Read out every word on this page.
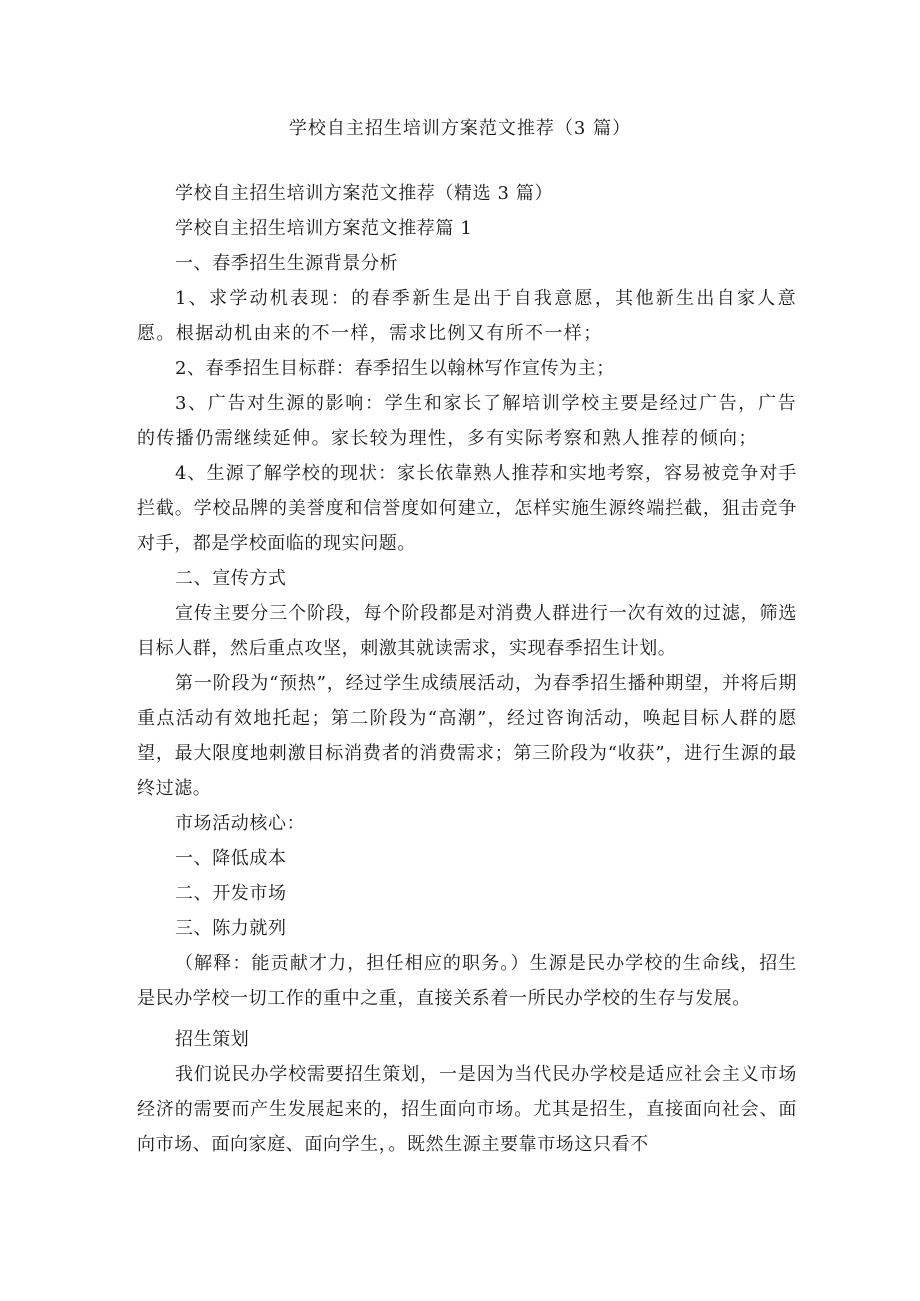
学校自主招生培训方案范文推荐（3 篇）

学校自主招生培训方案范文推荐（精选 3 篇）

学校自主招生培训方案范文推荐篇 1

一、春季招生生源背景分析

1、求学动机表现：的春季新生是出于自我意愿，其他新生出自家人意愿。根据动机由来的不一样，需求比例又有所不一样；

2、春季招生目标群：春季招生以翰林写作宣传为主；

3、广告对生源的影响：学生和家长了解培训学校主要是经过广告，广告的传播仍需继续延伸。家长较为理性，多有实际考察和熟人推荐的倾向；

4、生源了解学校的现状：家长依靠熟人推荐和实地考察，容易被竞争对手拦截。学校品牌的美誉度和信誉度如何建立，怎样实施生源终端拦截，狙击竞争对手，都是学校面临的现实问题。

二、宣传方式

宣传主要分三个阶段，每个阶段都是对消费人群进行一次有效的过滤，筛选目标人群，然后重点攻坚，刺激其就读需求，实现春季招生计划。

第一阶段为“预热”，经过学生成绩展活动，为春季招生播种期望，并将后期重点活动有效地托起；第二阶段为“高潮”，经过咨询活动，唤起目标人群的愿望，最大限度地刺激目标消费者的消费需求；第三阶段为“收获”，进行生源的最终过滤。

市场活动核心：

一、降低成本

二、开发市场

三、陈力就列

（解释：能贡献才力，担任相应的职务。）生源是民办学校的生命线，招生是民办学校一切工作的重中之重，直接关系着一所民办学校的生存与发展。

招生策划

我们说民办学校需要招生策划，一是因为当代民办学校是适应社会主义市场经济的需要而产生发展起来的，招生面向市场。尤其是招生，直接面向社会、面向市场、面向家庭、面向学生，。既然生源主要靠市场这只看不
